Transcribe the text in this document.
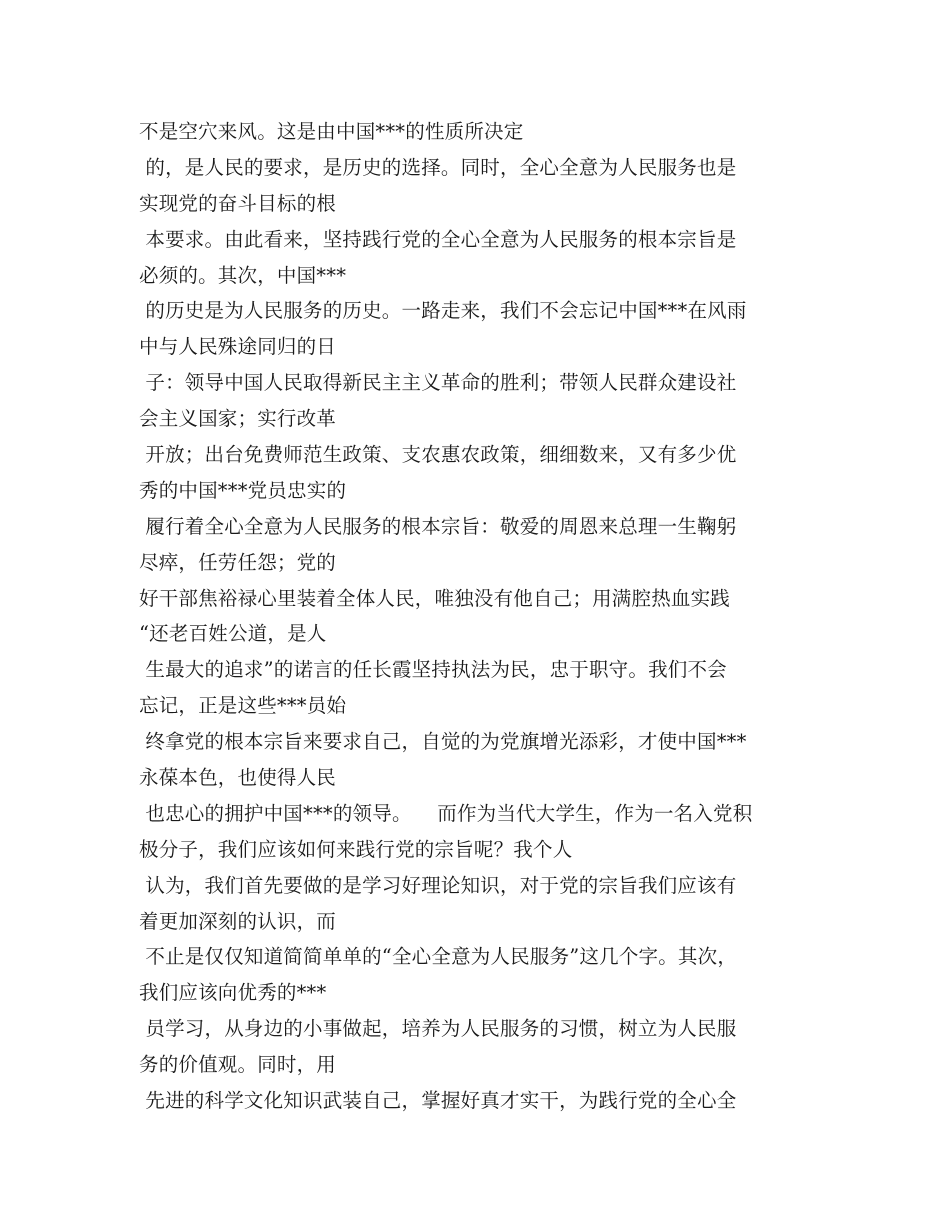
不是空穴来风。这是由中国***的性质所决定
的，是人民的要求，是历史的选择。同时，全心全意为人民服务也是
实现党的奋斗目标的根
本要求。由此看来，坚持践行党的全心全意为人民服务的根本宗旨是
必须的。其次，中国***
的历史是为人民服务的历史。一路走来，我们不会忘记中国***在风雨
中与人民殊途同归的日
子：领导中国人民取得新民主主义革命的胜利；带领人民群众建设社
会主义国家；实行改革
开放；出台免费师范生政策、支农惠农政策，细细数来，又有多少优
秀的中国***党员忠实的
履行着全心全意为人民服务的根本宗旨：敬爱的周恩来总理一生鞠躬
尽瘁，任劳任怨；党的
好干部焦裕禄心里装着全体人民，唯独没有他自己；用满腔热血实践
“还老百姓公道，是人
生最大的追求”的诺言的任长霞坚持执法为民，忠于职守。我们不会
忘记，正是这些***员始
终拿党的根本宗旨来要求自己，自觉的为党旗增光添彩，才使中国***
永葆本色，也使得人民
也忠心的拥护中国***的领导。    而作为当代大学生，作为一名入党积
极分子，我们应该如何来践行党的宗旨呢？我个人
认为，我们首先要做的是学习好理论知识，对于党的宗旨我们应该有
着更加深刻的认识，而
不止是仅仅知道简简单单的“全心全意为人民服务”这几个字。其次，
我们应该向优秀的***
员学习，从身边的小事做起，培养为人民服务的习惯，树立为人民服
务的价值观。同时，用
先进的科学文化知识武装自己，掌握好真才实干，为践行党的全心全
